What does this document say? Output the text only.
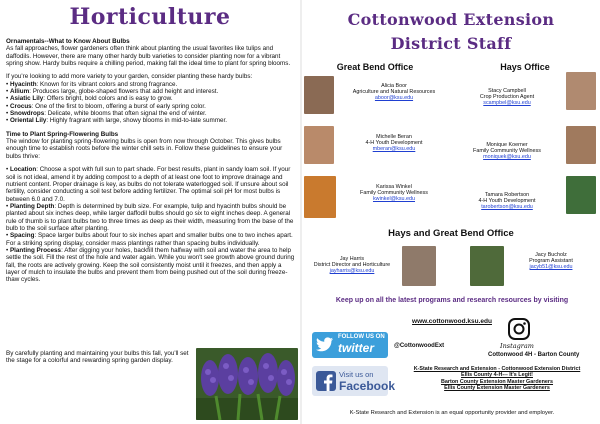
Horticulture
Ornamentals--What to Know About Bulbs

As fall approaches, flower gardeners often think about planting the usual favorites like tulips and daffodils. However, there are many other hardy bulb varieties to consider planting now for a vibrant spring show. Hardy bulbs require a chilling period, making fall the ideal time to plant for spring blooms.

If you're looking to add more variety to your garden, consider planting these hardy bulbs:
• Hyacinth: Known for its vibrant colors and strong fragrance.
• Allium: Produces large, globe-shaped flowers that add height and interest.
• Asiatic Lily: Offers bright, bold colors and is easy to grow.
• Crocus: One of the first to bloom, offering a burst of early spring color.
• Snowdrops: Delicate, white blooms that often signal the end of winter.
• Oriental Lily: Highly fragrant with large, showy blooms in mid-to-late summer.
Time to Plant Spring-Flowering Bulbs

The window for planting spring-flowering bulbs is open from now through October. This gives bulbs enough time to establish roots before the winter chill sets in. Follow these guidelines to ensure your bulbs thrive:

• Location: Choose a spot with full sun to part shade. For best results, plant in sandy loam soil. If your soil is not ideal, amend it by adding compost to a depth of at least one foot to improve drainage and nutrient content. Proper drainage is key, as bulbs do not tolerate waterlogged soil. If unsure about soil fertility, consider conducting a soil test before adding fertilizer. The optimal soil pH for most bulbs is between 6.0 and 7.0.
• Planting Depth: Depth is determined by bulb size. For example, tulip and hyacinth bulbs should be planted about six inches deep, while larger daffodil bulbs should go six to eight inches deep. A general rule of thumb is to plant bulbs two to three times as deep as their width, measuring from the base of the bulb to the soil surface after planting.
• Spacing: Space larger bulbs about four to six inches apart and smaller bulbs one to two inches apart. For a striking spring display, consider mass plantings rather than spacing bulbs individually.
• Planting Process: After digging your holes, backfill them halfway with soil and water the area to help settle the soil. Fill the rest of the hole and water again. While you won't see growth above ground during fall, the roots are actively growing. Keep the soil consistently moist until it freezes, and then apply a layer of mulch to insulate the bulbs and prevent them from being pushed out of the soil during freeze-thaw cycles.
By carefully planting and maintaining your bulbs this fall, you'll set the stage for a colorful and rewarding spring garden display.
Cottonwood Extension
District Staff
Great Bend Office	Hays Office
Alicia Boor
Agriculture and Natural Resources
aboor@ksu.edu
Michelle Beran
4-H Youth Development
mberan@ksu.edu
Karissa Winkel
Family Community Wellness
kwinkel@ksu.edu
Stacy Campbell
Crop Production Agent
scampbel@ksu.edu
Monique Koerner
Family Community Wellness
moniquek@ksu.edu
Tamara Robertson
4-H Youth Development
tarobertson@ksu.edu
Hays and Great Bend Office
Jay Harris
District Director and Horticulture
jayharris@ksu.edu
Jacy Bucholz
Program Assistant
jacyb51@ksu.edu
Keep up on all the latest programs and research resources by visiting
www.cottonwood.ksu.edu
FOLLOW US ON
twitter	@CottonwoodExt
Visit us on
Facebook
Instagram
Cottonwood 4H - Barton County
K-State Research and Extension - Cottonwood Extension District
Ellis County 4-H--- It's Legit!
Barton County Extension Master Gardeners
Ellis County Extension Master Gardeners
K-State Research and Extension is an equal opportunity provider and employer.
